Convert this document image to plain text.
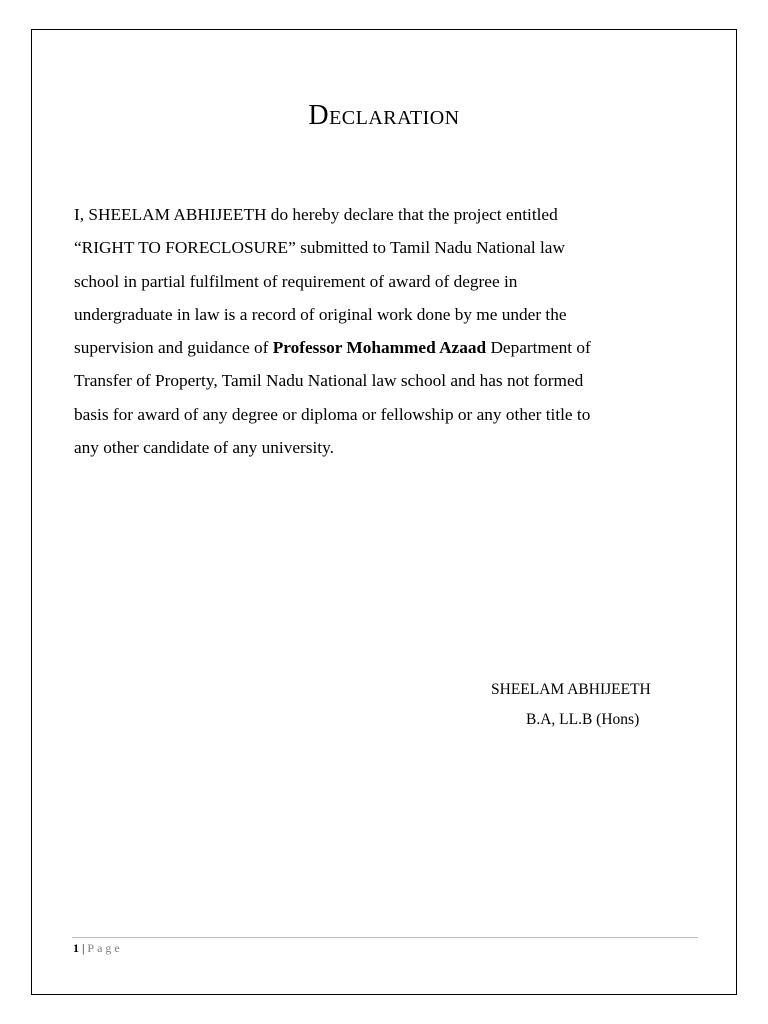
Declaration
I, SHEELAM ABHIJEETH do hereby declare that the project entitled
“RIGHT TO FORECLOSURE” submitted to Tamil Nadu National law
school in partial fulfilment of requirement of award of degree in
undergraduate in law is a record of original work done by me under the
supervision and guidance of Professor Mohammed Azaad Department of
Transfer of Property, Tamil Nadu National law school and has not formed
basis for award of any degree or diploma or fellowship or any other title to
any other candidate of any university.
SHEELAM ABHIJEETH
B.A, LL.B (Hons)
1 | Page
